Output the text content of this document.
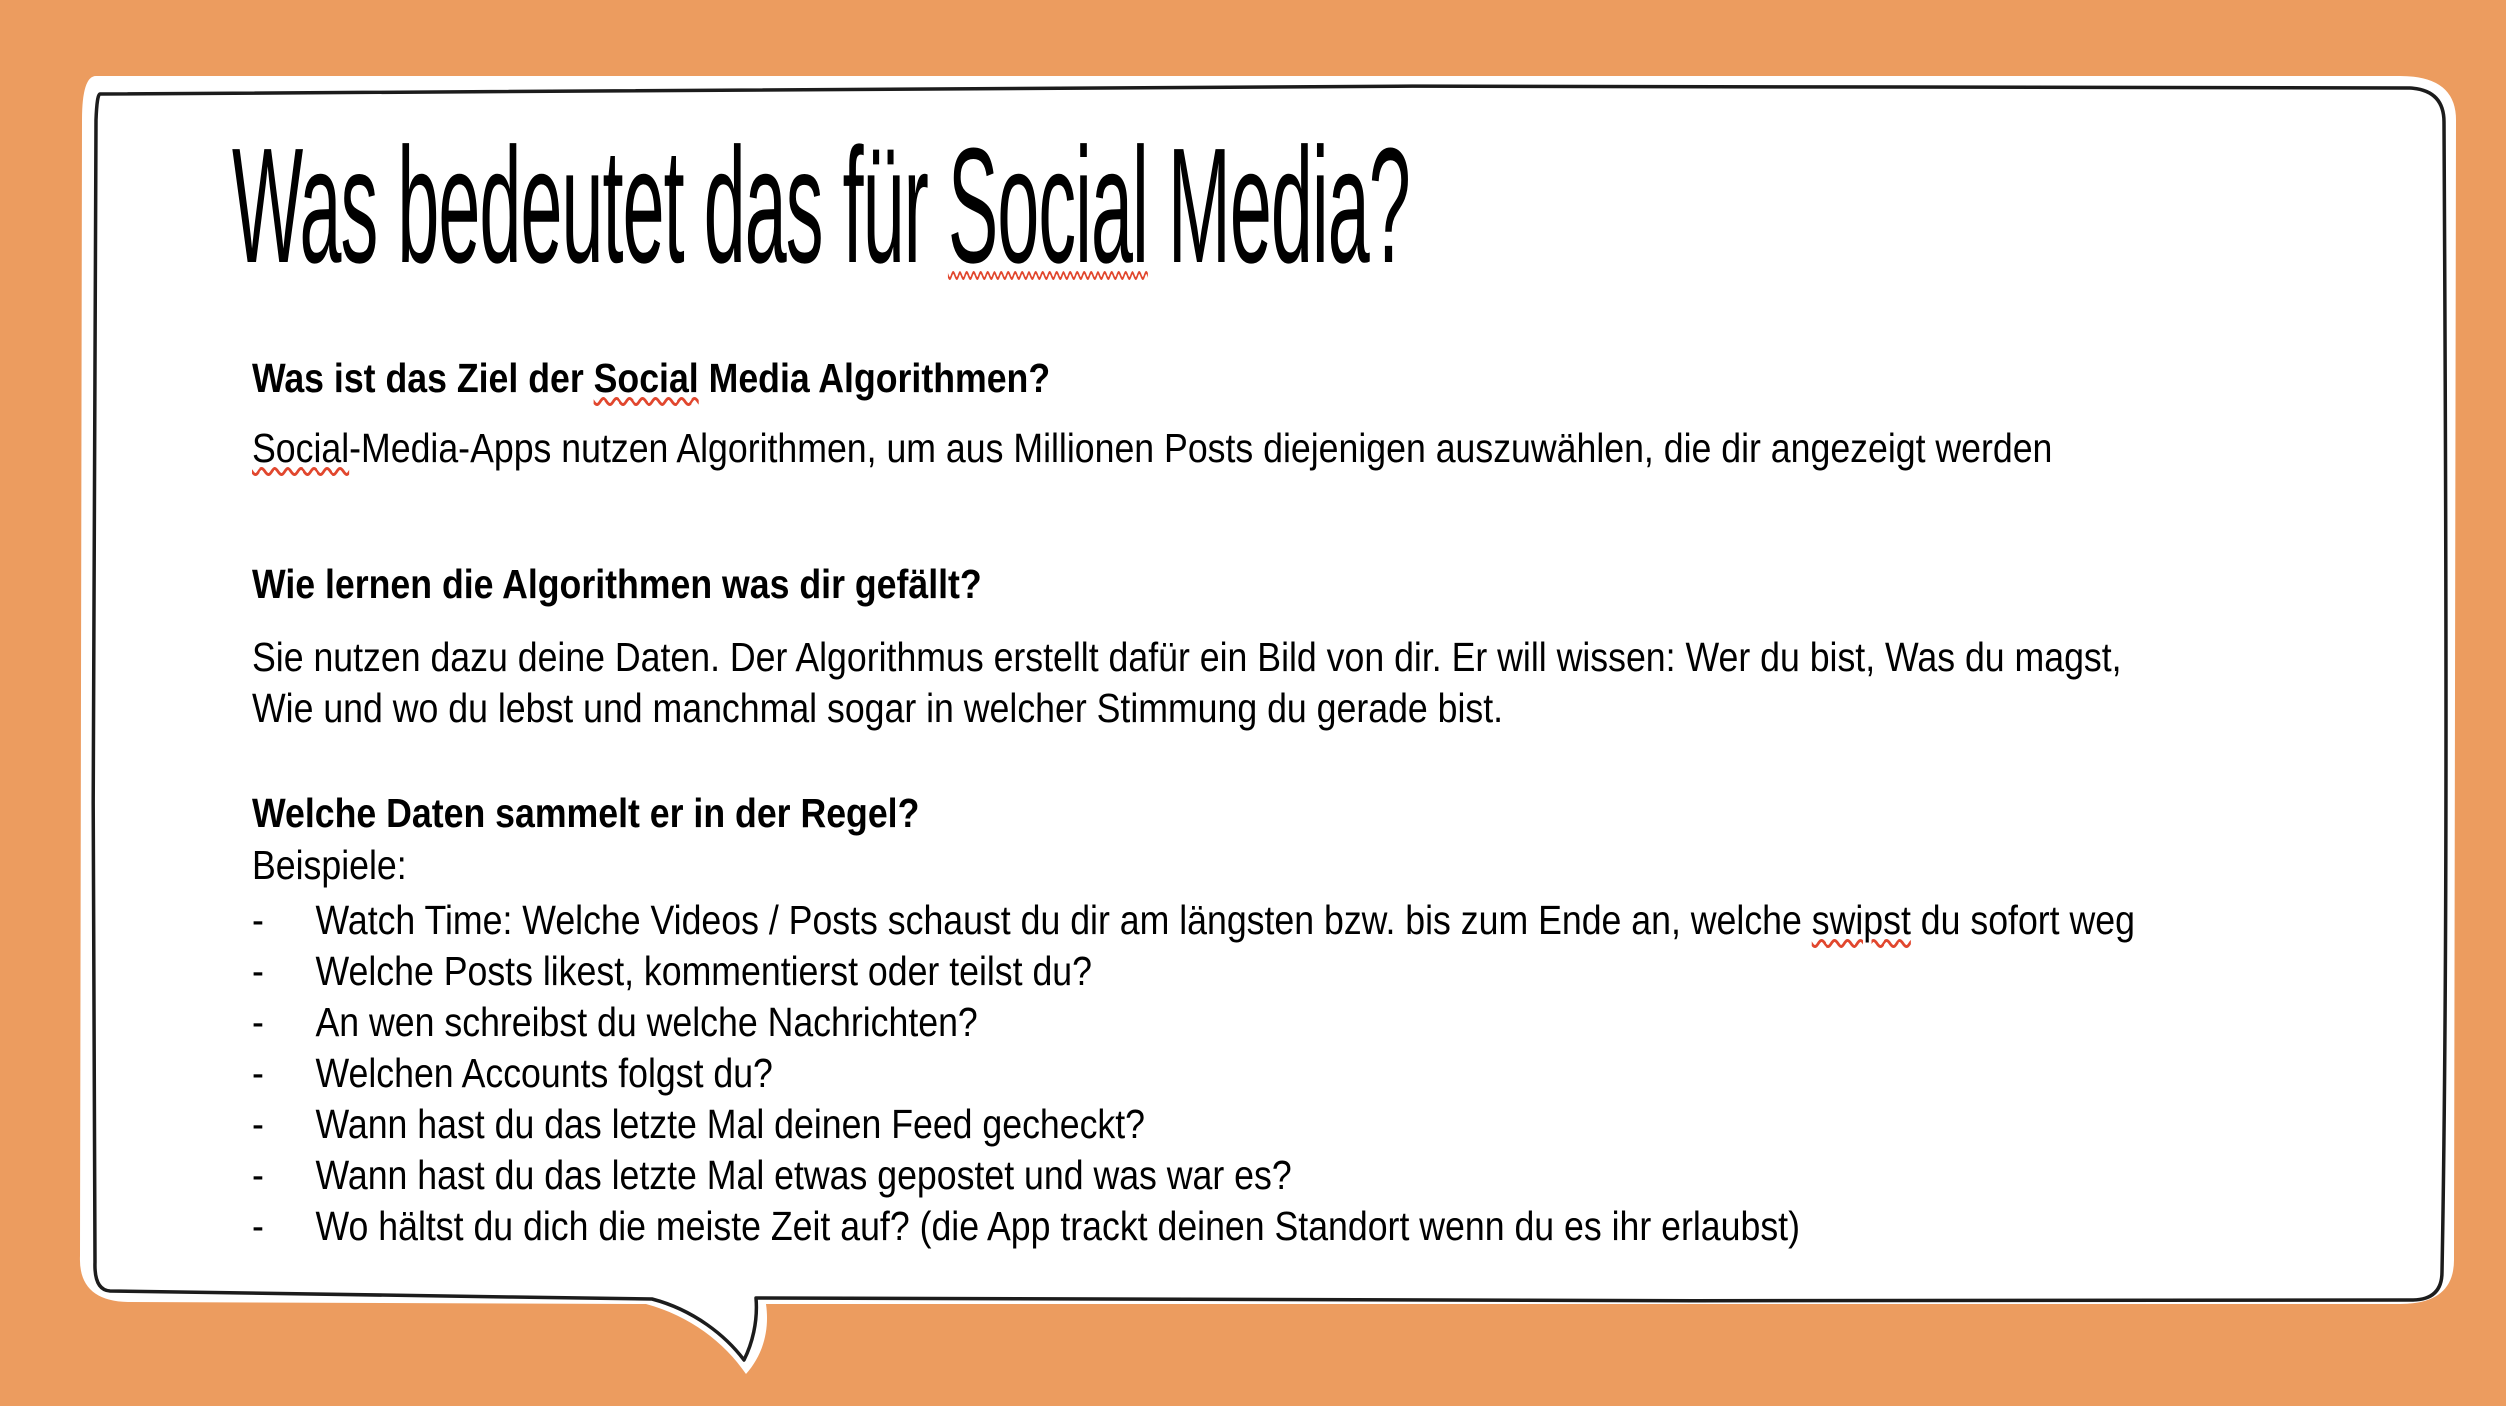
Was bedeutet das für Social Media?
Was ist das Ziel der Social Media Algorithmen?
Social-Media-Apps nutzen Algorithmen, um aus Millionen Posts diejenigen auszuwählen, die dir angezeigt werden
Wie lernen die Algorithmen was dir gefällt?
Sie nutzen dazu deine Daten. Der Algorithmus erstellt dafür ein Bild von dir. Er will wissen: Wer du bist, Was du magst,
Wie und wo du lebst und manchmal sogar in welcher Stimmung du gerade bist.
Welche Daten sammelt er in der Regel?
Beispiele:
- Watch Time: Welche Videos / Posts schaust du dir am längsten bzw. bis zum Ende an, welche swipst du sofort weg
- Welche Posts likest, kommentierst oder teilst du?
- An wen schreibst du welche Nachrichten?
- Welchen Accounts folgst du?
- Wann hast du das letzte Mal deinen Feed gecheckt?
- Wann hast du das letzte Mal etwas gepostet und was war es?
- Wo hältst du dich die meiste Zeit auf? (die App trackt deinen Standort wenn du es ihr erlaubst)
